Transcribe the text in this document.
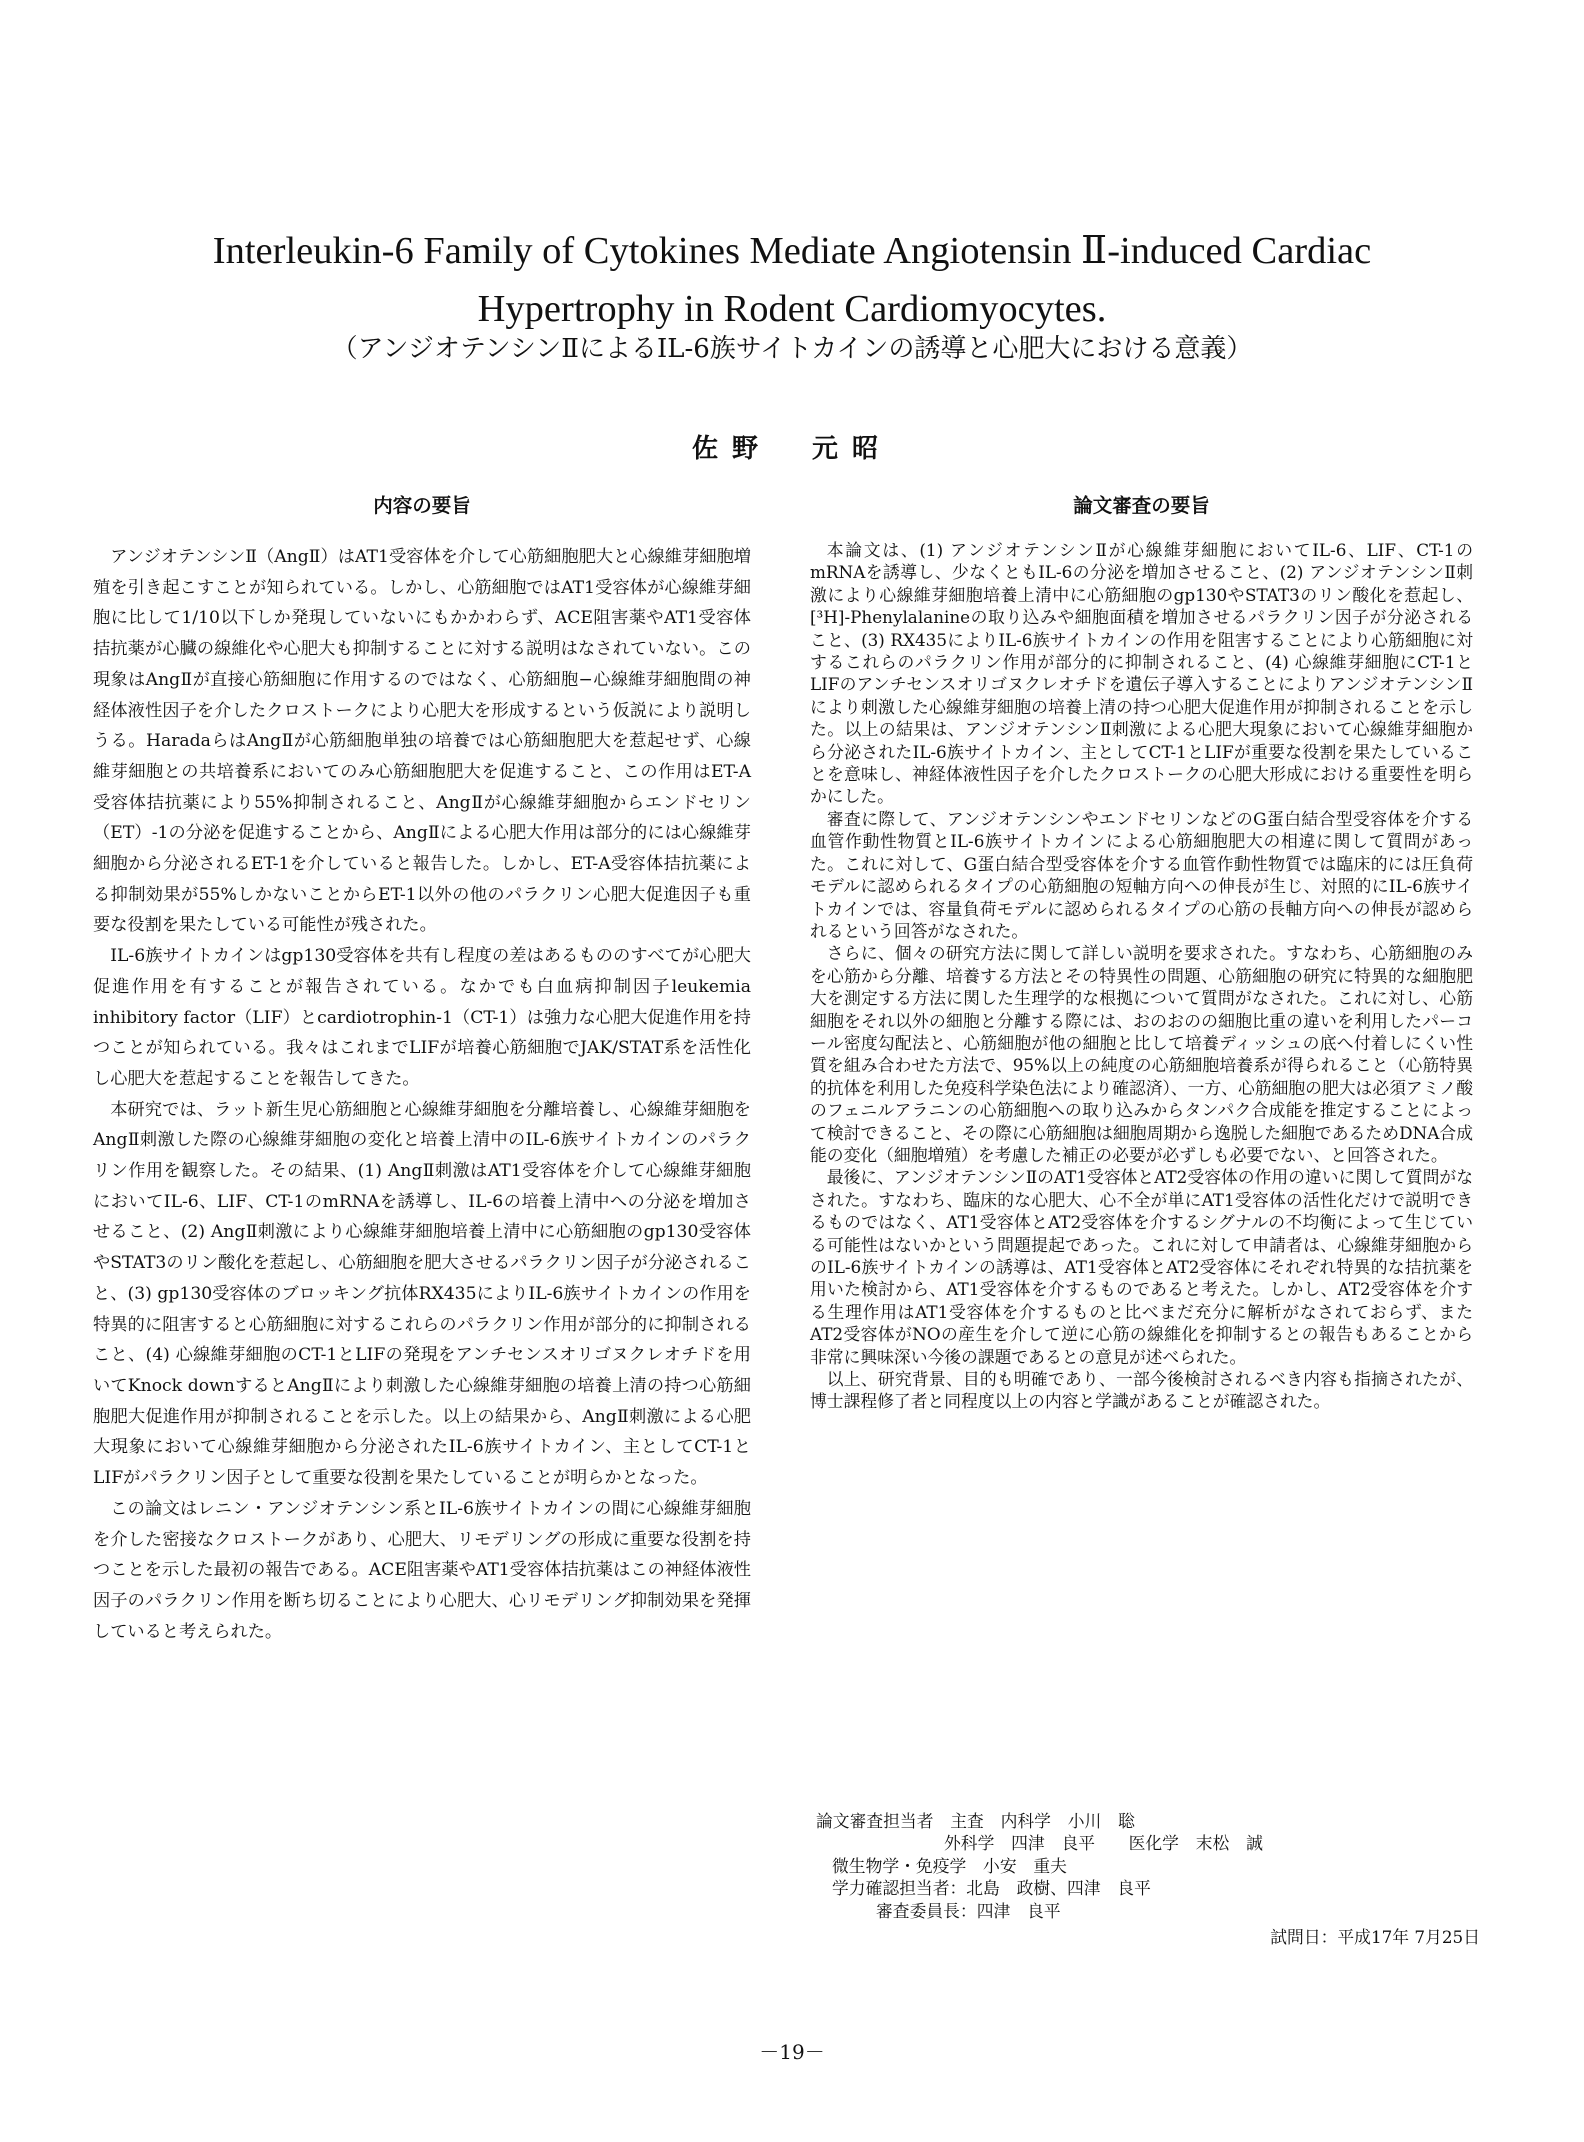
Interleukin-6 Family of Cytokines Mediate Angiotensin Ⅱ-induced Cardiac
Hypertrophy in Rodent Cardiomyocytes.
（アンジオテンシンⅡによるIL-6族サイトカインの誘導と心肥大における意義）
佐野　元昭
内容の要旨	論文審査の要旨

アンジオテンシンⅡ（AngⅡ）はAT1受容体を介して心筋細胞肥大と心線維芽細胞増殖を引き起こすことが知られている。しかし、心筋細胞ではAT1受容体が心線維芽細胞に比して1/10以下しか発現していないにもかかわらず、ACE阻害薬やAT1受容体拮抗薬が心臓の線維化や心肥大も抑制することに対する説明はなされていない。この現象はAngⅡが直接心筋細胞に作用するのではなく、心筋細胞−心線維芽細胞間の神経体液性因子を介したクロストークにより心肥大を形成するという仮説により説明しうる。HaradaらはAngⅡが心筋細胞単独の培養では心筋細胞肥大を惹起せず、心線維芽細胞との共培養系においてのみ心筋細胞肥大を促進すること、この作用はET-A受容体拮抗薬により55%抑制されること、AngⅡが心線維芽細胞からエンドセリン（ET）-1の分泌を促進することから、AngⅡによる心肥大作用は部分的には心線維芽細胞から分泌されるET-1を介していると報告した。しかし、ET-A受容体拮抗薬による抑制効果が55%しかないことからET-1以外の他のパラクリン心肥大促進因子も重要な役割を果たしている可能性が残された。

IL-6族サイトカインはgp130受容体を共有し程度の差はあるもののすべてが心肥大促進作用を有することが報告されている。なかでも白血病抑制因子leukemia inhibitory factor（LIF）とcardiotrophin-1（CT-1）は強力な心肥大促進作用を持つことが知られている。我々はこれまでLIFが培養心筋細胞でJAK/STAT系を活性化し心肥大を惹起することを報告してきた。

本研究では、ラット新生児心筋細胞と心線維芽細胞を分離培養し、心線維芽細胞をAngⅡ刺激した際の心線維芽細胞の変化と培養上清中のIL-6族サイトカインのパラクリン作用を観察した。その結果、(1) AngⅡ刺激はAT1受容体を介して心線維芽細胞においてIL-6、LIF、CT-1のmRNAを誘導し、IL-6の培養上清中への分泌を増加させること、(2) AngⅡ刺激により心線維芽細胞培養上清中に心筋細胞のgp130受容体やSTAT3のリン酸化を惹起し、心筋細胞を肥大させるパラクリン因子が分泌されること、(3) gp130受容体のブロッキング抗体RX435によりIL-6族サイトカインの作用を特異的に阻害すると心筋細胞に対するこれらのパラクリン作用が部分的に抑制されること、(4) 心線維芽細胞のCT-1とLIFの発現をアンチセンスオリゴヌクレオチドを用いてKnock downするとAngⅡにより刺激した心線維芽細胞の培養上清の持つ心筋細胞肥大促進作用が抑制されることを示した。以上の結果から、AngⅡ刺激による心肥大現象において心線維芽細胞から分泌されたIL-6族サイトカイン、主としてCT-1とLIFがパラクリン因子として重要な役割を果たしていることが明らかとなった。

この論文はレニン・アンジオテンシン系とIL-6族サイトカインの間に心線維芽細胞を介した密接なクロストークがあり、心肥大、リモデリングの形成に重要な役割を持つことを示した最初の報告である。ACE阻害薬やAT1受容体拮抗薬はこの神経体液性因子のパラクリン作用を断ち切ることにより心肥大、心リモデリング抑制効果を発揮していると考えられた。

本論文は、(1) アンジオテンシンⅡが心線維芽細胞においてIL-6、LIF、CT-1のmRNAを誘導し、少なくともIL-6の分泌を増加させること、(2) アンジオテンシンⅡ刺激により心線維芽細胞培養上清中に心筋細胞のgp130やSTAT3のリン酸化を惹起し、[³H]-Phenylalanineの取り込みや細胞面積を増加させるパラクリン因子が分泌されること、(3) RX435によりIL-6族サイトカインの作用を阻害することにより心筋細胞に対するこれらのパラクリン作用が部分的に抑制されること、(4) 心線維芽細胞にCT-1とLIFのアンチセンスオリゴヌクレオチドを遺伝子導入することによりアンジオテンシンⅡにより刺激した心線維芽細胞の培養上清の持つ心肥大促進作用が抑制されることを示した。以上の結果は、アンジオテンシンⅡ刺激による心肥大現象において心線維芽細胞から分泌されたIL-6族サイトカイン、主としてCT-1とLIFが重要な役割を果たしていることを意味し、神経体液性因子を介したクロストークの心肥大形成における重要性を明らかにした。

審査に際して、アンジオテンシンやエンドセリンなどのG蛋白結合型受容体を介する血管作動性物質とIL-6族サイトカインによる心筋細胞肥大の相違に関して質問があった。これに対して、G蛋白結合型受容体を介する血管作動性物質では臨床的には圧負荷モデルに認められるタイプの心筋細胞の短軸方向への伸長が生じ、対照的にIL-6族サイトカインでは、容量負荷モデルに認められるタイプの心筋の長軸方向への伸長が認められるという回答がなされた。

さらに、個々の研究方法に関して詳しい説明を要求された。すなわち、心筋細胞のみを心筋から分離、培養する方法とその特異性の問題、心筋細胞の研究に特異的な細胞肥大を測定する方法に関した生理学的な根拠について質問がなされた。これに対し、心筋細胞をそれ以外の細胞と分離する際には、おのおのの細胞比重の違いを利用したパーコール密度勾配法と、心筋細胞が他の細胞と比して培養ディッシュの底へ付着しにくい性質を組み合わせた方法で、95%以上の純度の心筋細胞培養系が得られること（心筋特異的抗体を利用した免疫科学染色法により確認済）、一方、心筋細胞の肥大は必須アミノ酸のフェニルアラニンの心筋細胞への取り込みからタンパク合成能を推定することによって検討できること、その際に心筋細胞は細胞周期から逸脱した細胞であるためDNA合成能の変化（細胞増殖）を考慮した補正の必要が必ずしも必要でない、と回答された。

最後に、アンジオテンシンⅡのAT1受容体とAT2受容体の作用の違いに関して質問がなされた。すなわち、臨床的な心肥大、心不全が単にAT1受容体の活性化だけで説明できるものではなく、AT1受容体とAT2受容体を介するシグナルの不均衡によって生じている可能性はないかという問題提起であった。これに対して申請者は、心線維芽細胞からのIL-6族サイトカインの誘導は、AT1受容体とAT2受容体にそれぞれ特異的な拮抗薬を用いた検討から、AT1受容体を介するものであると考えた。しかし、AT2受容体を介する生理作用はAT1受容体を介するものと比べまだ充分に解析がなされておらず、またAT2受容体がNOの産生を介して逆に心筋の線維化を抑制するとの報告もあることから非常に興味深い今後の課題であるとの意見が述べられた。

以上、研究背景、目的も明確であり、一部今後検討されるべき内容も指摘されたが、博士課程修了者と同程度以上の内容と学識があることが確認された。

論文審査担当者　主査　内科学　小川　聡
外科学　四津　良平　　医化学　末松　誠
微生物学・免疫学　小安　重夫
学力確認担当者：北島　政樹、四津　良平
審査委員長：四津　良平
試問日：平成17年 7月25日
－19－
